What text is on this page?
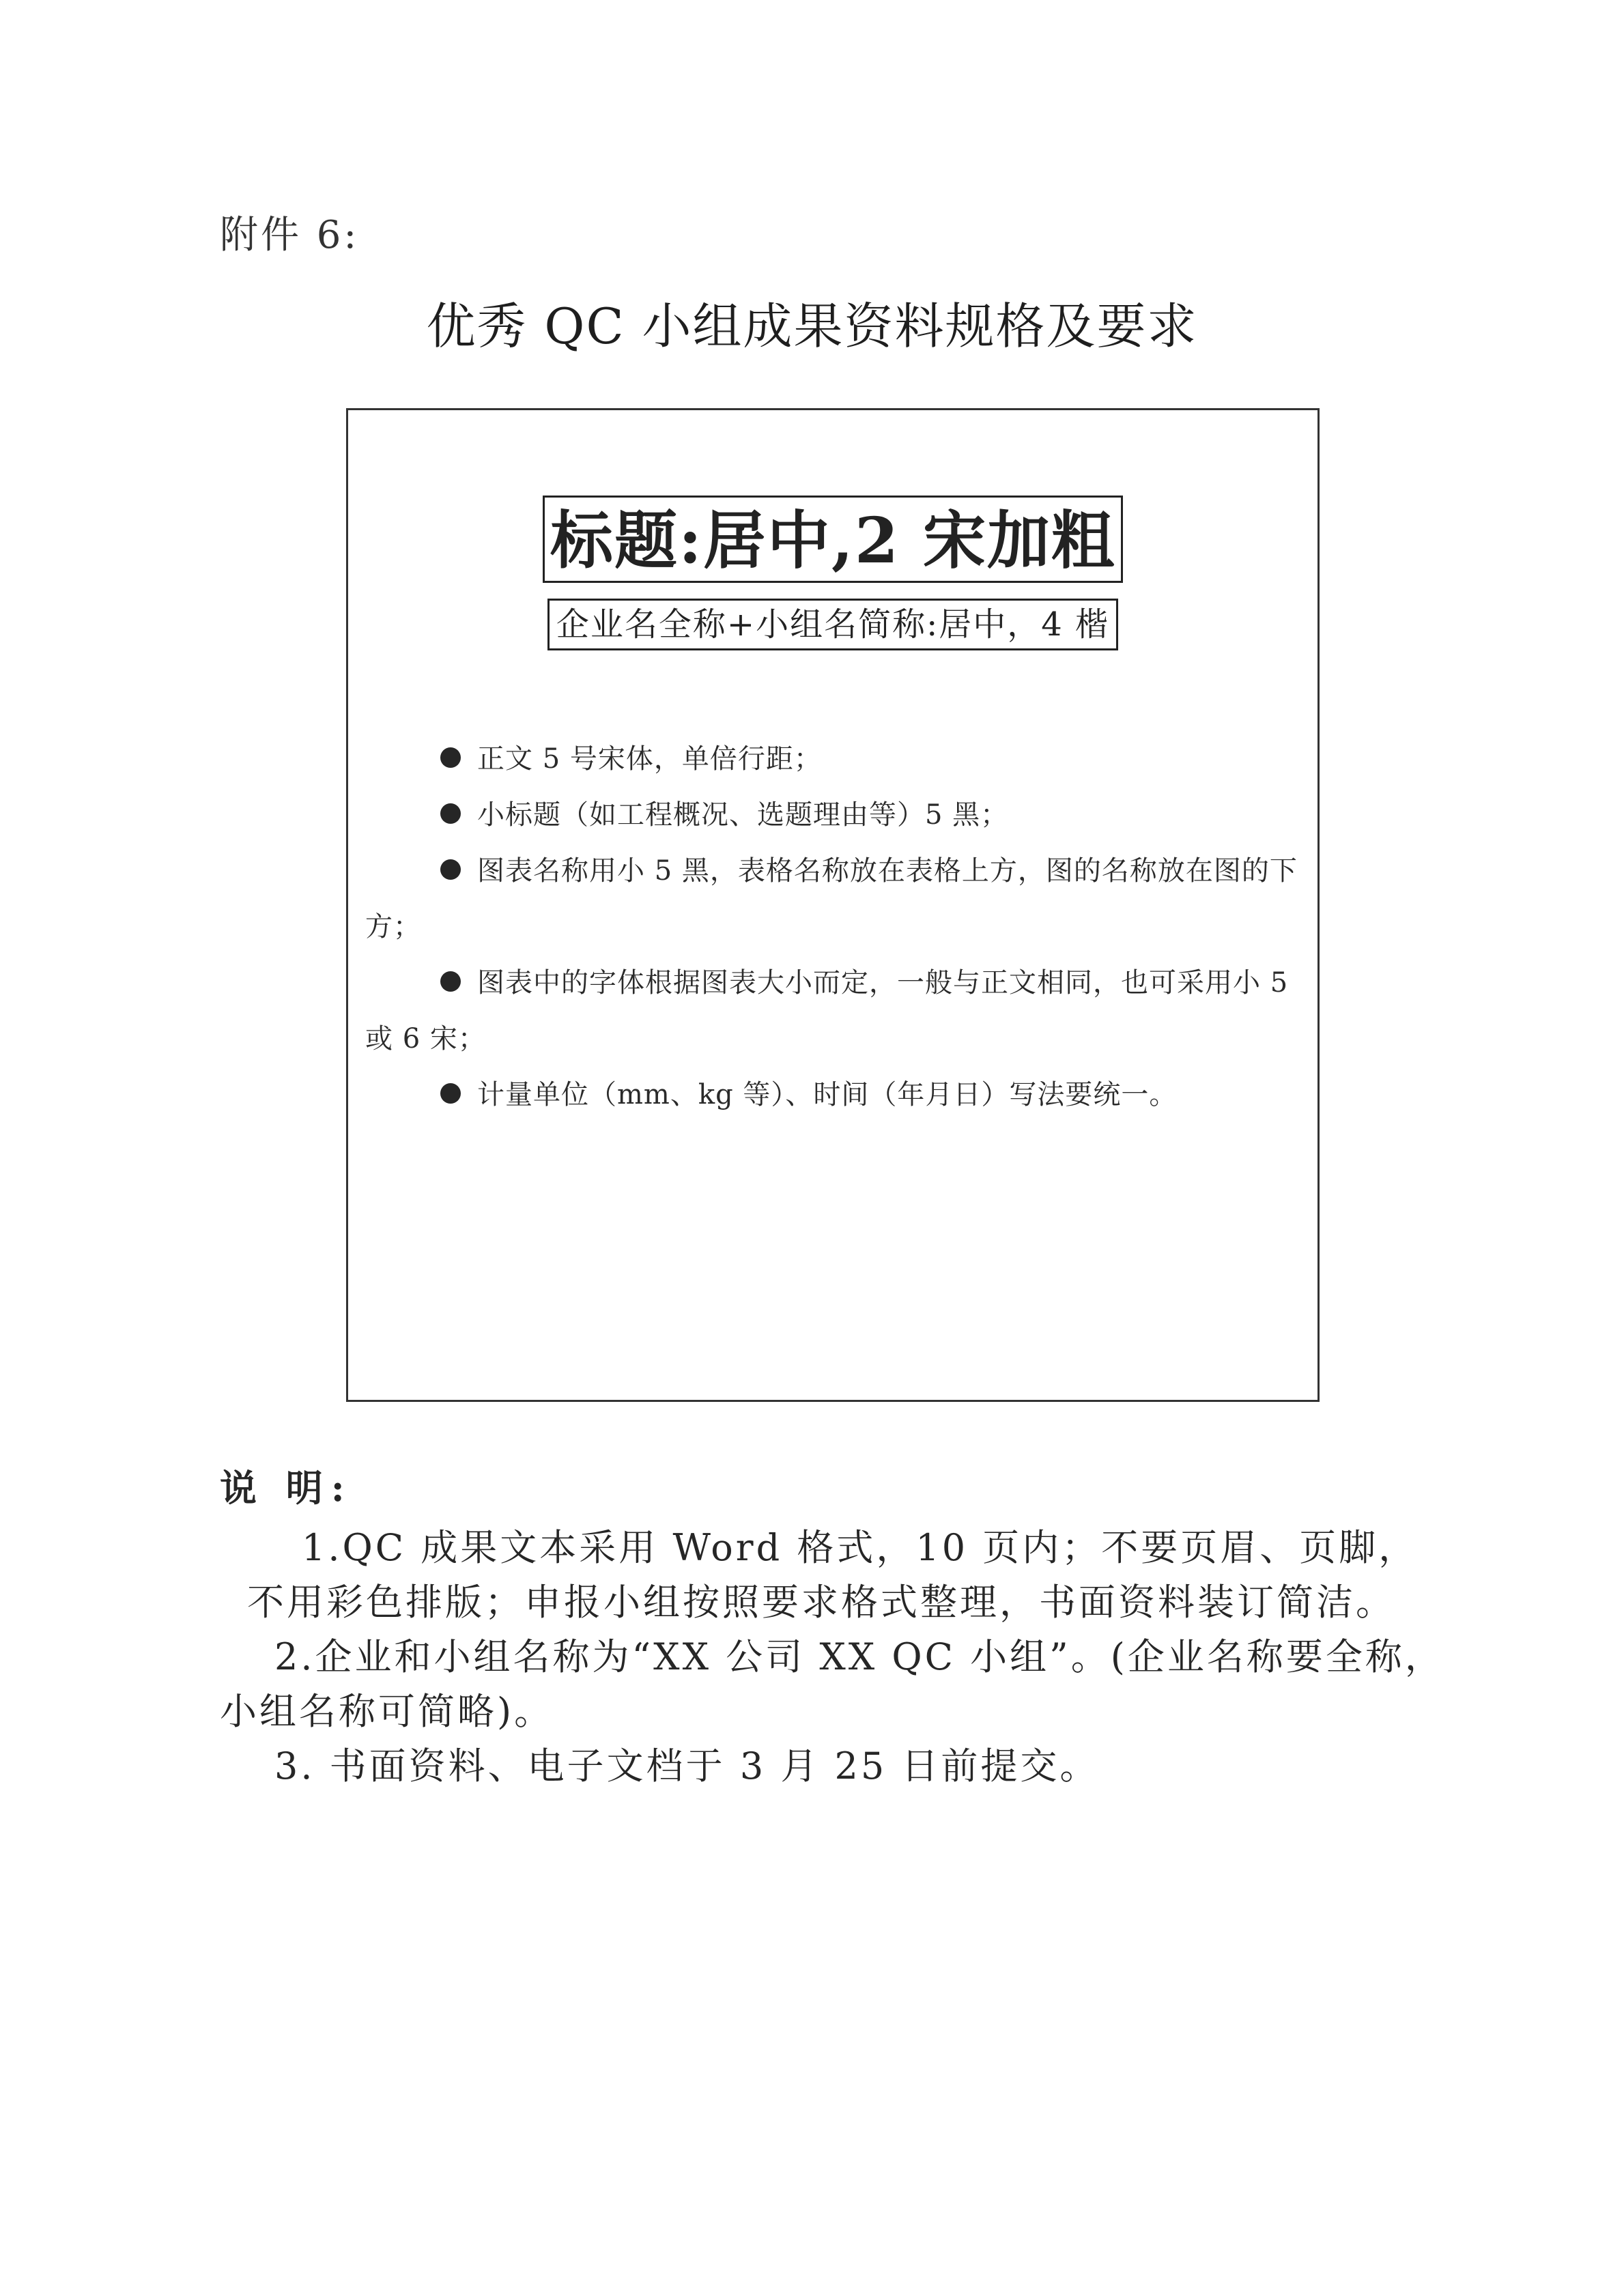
附件 6:
优秀 QC 小组成果资料规格及要求
标题:居中,2 宋加粗
企业名全称+小组名简称:居中，4 楷
正文 5 号宋体，单倍行距；
小标题（如工程概况、选题理由等）5 黑；
图表名称用小 5 黑，表格名称放在表格上方，图的名称放在图的下方；
图表中的字体根据图表大小而定，一般与正文相同，也可采用小 5 或 6 宋；
计量单位（mm、kg 等）、时间（年月日）写法要统一。
说 明:
1.QC 成果文本采用 Word 格式，10 页内；不要页眉、页脚，不用彩色排版；申报小组按照要求格式整理，书面资料装订简洁。
2.企业和小组名称为“XX 公司 XX QC 小组”。(企业名称要全称，小组名称可简略)。
3. 书面资料、电子文档于 3 月 25 日前提交。
